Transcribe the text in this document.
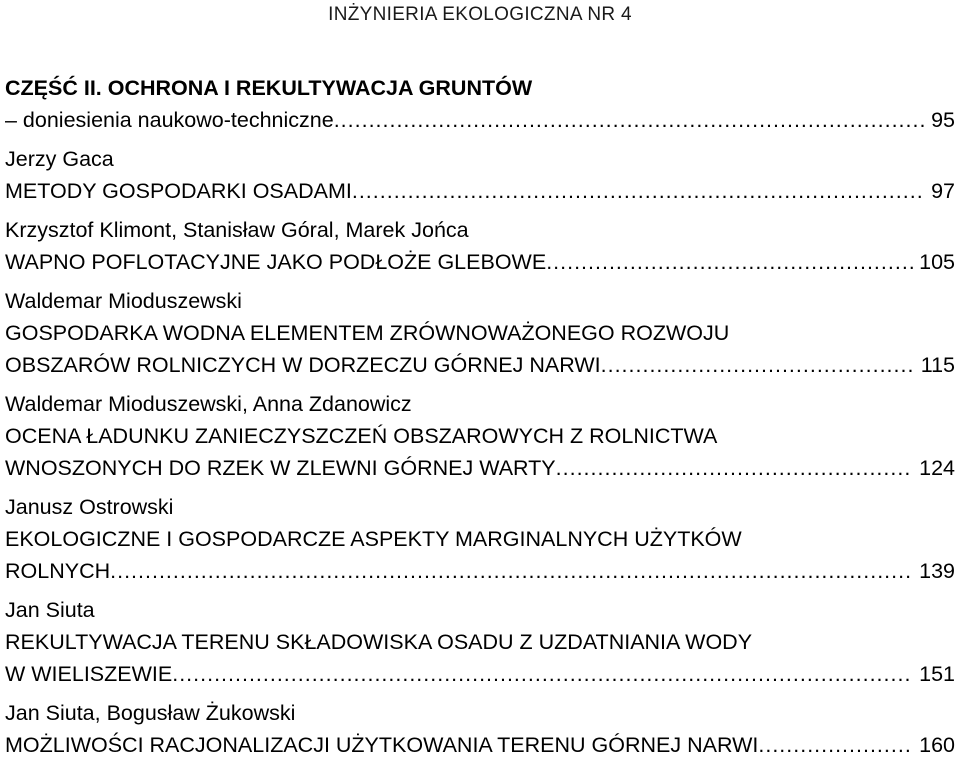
INŻYNIERIA EKOLOGICZNA NR 4
CZĘŚĆ II. OCHRONA I REKULTYWACJA GRUNTÓW
– doniesienia naukowo-techniczne .....	95
Jerzy Gaca
METODY GOSPODARKI OSADAMI .....	97
Krzysztof Klimont, Stanisław Góral, Marek Jońca
WAPNO POFLOTACYJNE JAKO PODŁOŻE GLEBOWE .....	105
Waldemar Mioduszewski
GOSPODARKA WODNA ELEMENTEM ZRÓWNOWAŻONEGO ROZWOJU
OBSZARÓW ROLNICZYCH W DORZECZU GÓRNEJ NARWI .....	115
Waldemar Mioduszewski, Anna Zdanowicz
OCENA ŁADUNKU ZANIECZYSZCZEŃ OBSZAROWYCH Z ROLNICTWA
WNOSZONYCH DO RZEK W ZLEWNI GÓRNEJ WARTY .....	124
Janusz Ostrowski
EKOLOGICZNE I GOSPODARCZE ASPEKTY MARGINALNYCH UŻYTKÓW
ROLNYCH .....	139
Jan Siuta
REKULTYWACJA TERENU SKŁADOWISKA OSADU Z UZDATNIANIA WODY
W WIELISZEWIE .....	151
Jan Siuta, Bogusław Żukowski
MOŻLIWOŚCI RACJONALIZACJI UŻYTKOWANIA TERENU GÓRNEJ NARWI .....	160
